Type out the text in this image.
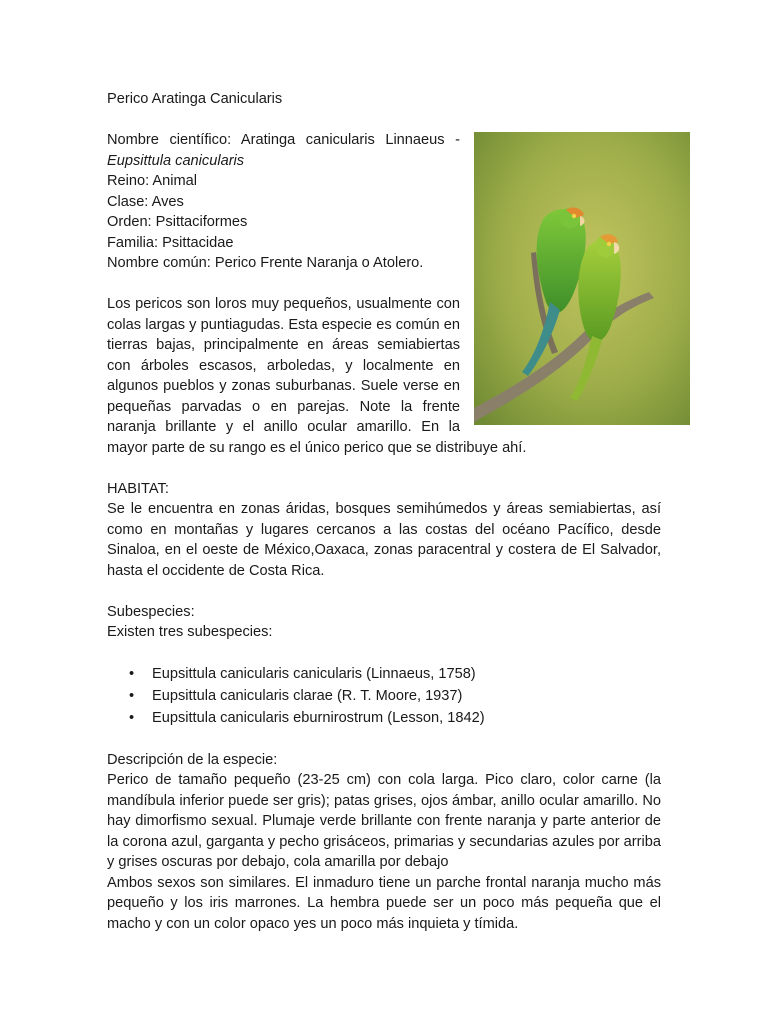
Perico Aratinga Canicularis

Nombre científico: Aratinga canicularis Linnaeus -

Eupsittula canicularis

Reino: Animal

Clase: Aves

Orden: Psittaciformes

Familia: Psittacidae

Nombre común: Perico Frente Naranja o Atolero.

Los pericos son loros muy pequeños, usualmente con colas largas y puntiagudas. Esta especie es común en tierras bajas, principalmente en áreas semiabiertas con árboles escasos, arboledas, y localmente en algunos pueblos y zonas suburbanas. Suele verse en pequeñas parvadas o en parejas. Note la frente naranja brillante y el anillo ocular amarillo. En la mayor parte de su rango es el único perico que se distribuye ahí.

HABITAT:

Se le encuentra en zonas áridas, bosques semihúmedos y áreas semiabiertas, así como en montañas y lugares cercanos a las costas del océano Pacífico, desde Sinaloa, en el oeste de México,Oaxaca, zonas paracentral y costera de El Salvador, hasta el occidente de Costa Rica.

Subespecies:

Existen tres subespecies:

• Eupsittula canicularis canicularis (Linnaeus, 1758)
• Eupsittula canicularis clarae (R. T. Moore, 1937)
• Eupsittula canicularis eburnirostrum (Lesson, 1842)

Descripción de la especie:

Perico de tamaño pequeño (23-25 cm) con cola larga. Pico claro, color carne (la mandíbula inferior puede ser gris); patas grises, ojos ámbar, anillo ocular amarillo. No hay dimorfismo sexual. Plumaje verde brillante con frente naranja y parte anterior de la corona azul, garganta y pecho grisáceos, primarias y secundarias azules por arriba y grises oscuras por debajo, cola amarilla por debajo

Ambos sexos son similares. El inmaduro tiene un parche frontal naranja mucho más pequeño y los iris marrones. La hembra puede ser un poco más pequeña que el macho y con un color opaco yes un poco más inquieta y tímida.
